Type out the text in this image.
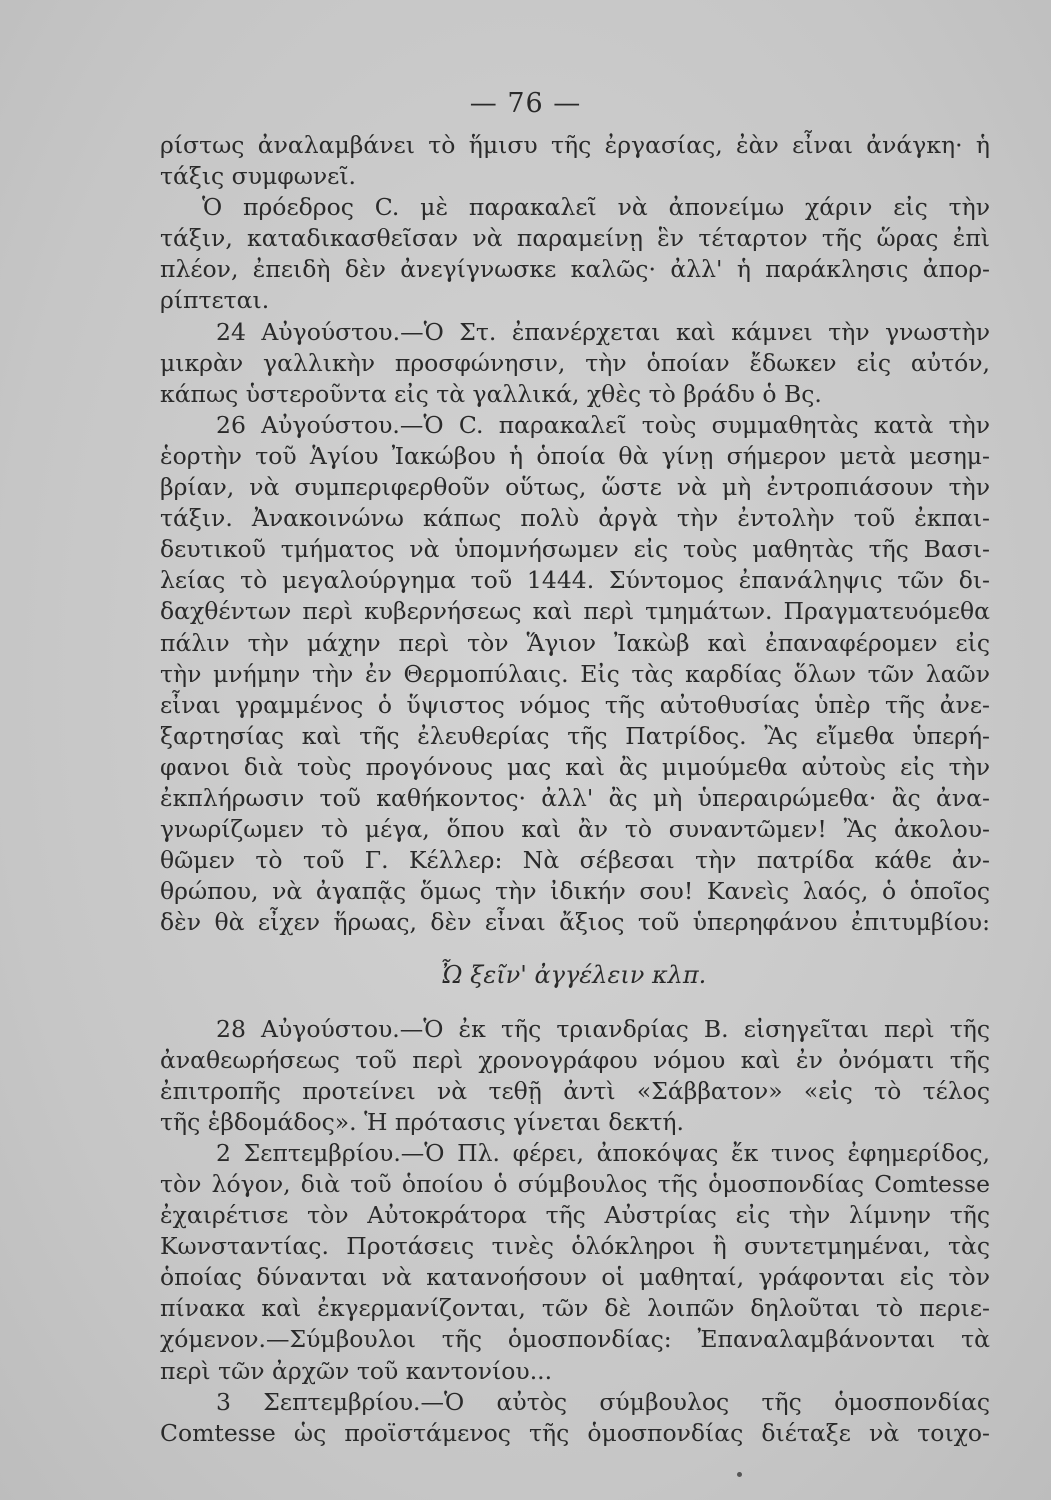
— 76 —
ρίστως ἀναλαμβάνει τὸ ἥμισυ τῆς ἐργασίας, ἐὰν εἶναι ἀνάγκη· ἡ
τάξις συμφωνεῖ.
Ὁ πρόεδρος C. μὲ παρακαλεῖ νὰ ἀπονείμω χάριν εἰς τὴν
τάξιν, καταδικασθεῖσαν νὰ παραμείνῃ ἓν τέταρτον τῆς ὥρας ἐπὶ
πλέον, ἐπειδὴ δὲν ἀνεγίγνωσκε καλῶς· ἀλλ' ἡ παράκλησις ἀπορ-
ρίπτεται.
24 Αὐγούστου.—Ὁ Στ. ἐπανέρχεται καὶ κάμνει τὴν γνωστὴν
μικρὰν γαλλικὴν προσφώνησιν, τὴν ὁποίαν ἔδωκεν εἰς αὐτόν,
κάπως ὑστεροῦντα εἰς τὰ γαλλικά, χθὲς τὸ βράδυ ὁ Βς.
26 Αὐγούστου.—Ὁ C. παρακαλεῖ τοὺς συμμαθητὰς κατὰ τὴν
ἑορτὴν τοῦ Ἁγίου Ἰακώβου ἡ ὁποία θὰ γίνῃ σήμερον μετὰ μεσημ-
βρίαν, νὰ συμπεριφερθοῦν οὕτως, ὥστε νὰ μὴ ἐντροπιάσουν τὴν
τάξιν. Ἀνακοινώνω κάπως πολὺ ἀργὰ τὴν ἐντολὴν τοῦ ἐκπαι-
δευτικοῦ τμήματος νὰ ὑπομνήσωμεν εἰς τοὺς μαθητὰς τῆς Βασι-
λείας τὸ μεγαλούργημα τοῦ 1444. Σύντομος ἐπανάληψις τῶν δι-
δαχθέντων περὶ κυβερνήσεως καὶ περὶ τμημάτων. Πραγματευόμεθα
πάλιν τὴν μάχην περὶ τὸν Ἅγιον Ἰακὼβ καὶ ἐπαναφέρομεν εἰς
τὴν μνήμην τὴν ἐν Θερμοπύλαις. Εἰς τὰς καρδίας ὅλων τῶν λαῶν
εἶναι γραμμένος ὁ ὕψιστος νόμος τῆς αὐτοθυσίας ὑπὲρ τῆς ἀνε-
ξαρτησίας καὶ τῆς ἐλευθερίας τῆς Πατρίδος. Ἂς εἴμεθα ὑπερή-
φανοι διὰ τοὺς προγόνους μας καὶ ἂς μιμούμεθα αὐτοὺς εἰς τὴν
ἐκπλήρωσιν τοῦ καθήκοντος· ἀλλ' ἂς μὴ ὑπεραιρώμεθα· ἂς ἀνα-
γνωρίζωμεν τὸ μέγα, ὅπου καὶ ἂν τὸ συναντῶμεν! Ἂς ἀκολου-
θῶμεν τὸ τοῦ Γ. Κέλλερ: Νὰ σέβεσαι τὴν πατρίδα κάθε ἀν-
θρώπου, νὰ ἀγαπᾷς ὅμως τὴν ἰδικήν σου! Κανεὶς λαός, ὁ ὁποῖος
δὲν θὰ εἶχεν ἥρωας, δὲν εἶναι ἄξιος τοῦ ὑπερηφάνου ἐπιτυμβίου:
Ὦ ξεῖν' ἀγγέλειν κλπ.
28 Αὐγούστου.—Ὁ ἐκ τῆς τριανδρίας Β. εἰσηγεῖται περὶ τῆς
ἀναθεωρήσεως τοῦ περὶ χρονογράφου νόμου καὶ ἐν ὀνόματι τῆς
ἐπιτροπῆς προτείνει νὰ τεθῇ ἀντὶ «Σάββατον» «εἰς τὸ τέλος
τῆς ἑβδομάδος». Ἡ πρότασις γίνεται δεκτή.
2 Σεπτεμβρίου.—Ὁ Πλ. φέρει, ἀποκόψας ἔκ τινος ἐφημερίδος,
τὸν λόγον, διὰ τοῦ ὁποίου ὁ σύμβουλος τῆς ὁμοσπονδίας Comtesse
ἐχαιρέτισε τὸν Αὐτοκράτορα τῆς Αὐστρίας εἰς τὴν λίμνην τῆς
Κωνσταντίας. Προτάσεις τινὲς ὁλόκληροι ἢ συντετμημέναι, τὰς
ὁποίας δύνανται νὰ κατανοήσουν οἱ μαθηταί, γράφονται εἰς τὸν
πίνακα καὶ ἐκγερμανίζονται, τῶν δὲ λοιπῶν δηλοῦται τὸ περιε-
χόμενον.—Σύμβουλοι τῆς ὁμοσπονδίας: Ἐπαναλαμβάνονται τὰ
περὶ τῶν ἀρχῶν τοῦ καντονίου...
3 Σεπτεμβρίου.—Ὁ αὐτὸς σύμβουλος τῆς ὁμοσπονδίας
Comtesse ὡς προϊστάμενος τῆς ὁμοσπονδίας διέταξε νὰ τοιχο-
